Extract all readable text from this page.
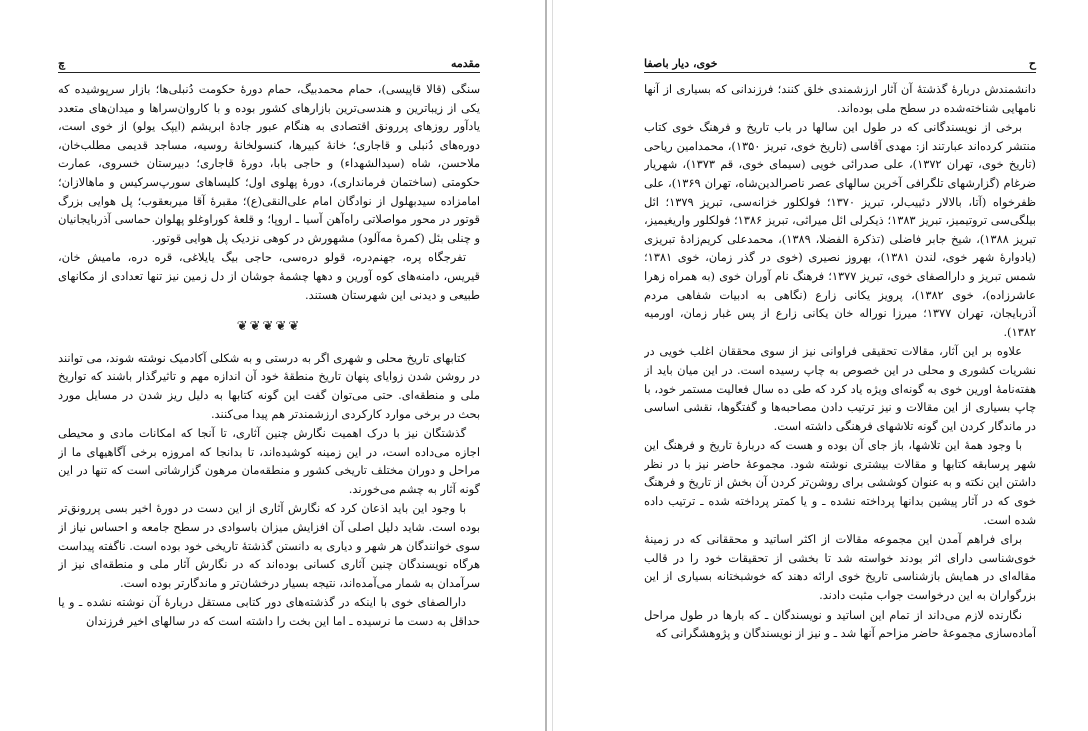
مقدمه
چ

سنگی (قالا قاپیسی)، حمام محمدبیگ، حمام دورهٔ حکومت دُنبلی‌ها؛ بازار سرپوشیده که یکی از زیباترین و هندسی‌ترین بازارهای کشور بوده و با کاروان‌سراها و میدان‌های متعدد یادآور روزهای پررونق اقتصادی به هنگام عبور جادهٔ ابریشم (ایپک یولو) از خوی است، دوره‌های دُنبلی و قاجاری؛ خانهٔ کبیرها، کنسولخانهٔ روسیه، مساجد قدیمی مطلب‌خان، ملاحسن، شاه (سیدالشهداء) و حاجی بابا، دورهٔ قاجاری؛ دبیرستان خسروی، عمارت حکومتی (ساختمان فرمانداری)، دورهٔ پهلوی اول؛ کلیساهای سورپ‌سرکیس و ماهالازان؛ امامزاده سیدبهلول از نوادگان امام علی‌النقی(ع)؛ مقبرهٔ آقا میربعقوب؛ پل هوایی بزرگ قوتور در محور مواصلاتی راه‌آهن آسیا ـ اروپا؛ و قلعهٔ کوراوغلو پهلوان حماسی آذربایجانیان و چنلی بئل (کمرهٔ مه‌آلود) مشهورش در کوهی نزدیک پل هوایی قوتور.

تفرجگاه پره، جهنم‌دره، قولو دره‌سی، حاجی بیگ یایلاغی، قره دره، مامیش خان، قیریس، دامنه‌های کوه آورین و دهها چشمهٔ جوشان از دل زمین نیز تنها تعدادی از مکانهای طبیعی و دیدنی این شهرستان هستند.

❦❦❦❦❦

کتابهای تاریخ محلی و شهری اگر به درستی و به شکلی آکادمیک نوشته شوند، می توانند در روشن شدن زوایای پنهان تاریخ منطقهٔ خود آن اندازه مهم و تاثیرگذار باشند که تواریخ ملی و منطقه‌ای. حتی می‌توان گفت این گونه کتابها به دلیل ریز شدن در مسایل مورد بحث در برخی موارد کارکردی ارزشمندتر هم پیدا می‌کنند.

گذشتگان نیز با درک اهمیت نگارش چنین آثاری، تا آنجا که امکانات مادی و محیطی اجازه می‌داده است، در این زمینه کوشیده‌اند، تا بدانجا که امروزه برخی آگاهیهای ما از مراحل و دوران مختلف تاریخی کشور و منطقه‌مان مرهون گزارشاتی است که تنها در این گونه آثار به چشم می‌خورند.

با وجود این باید اذعان کرد که نگارش آثاری از این دست در دورهٔ اخیر بسی پررونق‌تر بوده است. شاید دلیل اصلی آن افزایش میزان باسوادی در سطح جامعه و احساس نیاز از سوی خوانندگان هر شهر و دیاری به دانستن گذشتهٔ تاریخی خود بوده است. ناگفته پیداست هرگاه نویسندگان چنین آثاری کسانی بوده‌اند که در نگارش آثار ملی و منطقه‌ای نیز از سرآمدان به شمار می‌آمده‌اند، نتیجه بسیار درخشان‌تر و ماندگارتر بوده است.

دارالصفای خوی با اینکه در گذشته‌های دور کتابی مستقل دربارهٔ آن نوشته نشده ـ و یا حداقل به دست ما نرسیده ـ اما این بخت را داشته است که در سالهای اخیر فرزندان

ح
خوی، دیار باصفا

دانشمندش دربارهٔ گذشتهٔ آن آثار ارزشمندی خلق کنند؛ فرزندانی که بسیاری از آنها نامهایی شناخته‌شده در سطح ملی بوده‌اند.

برخی از نویسندگانی که در طول این سالها در باب تاریخ و فرهنگ خوی کتاب منتشر کرده‌اند عبارتند از: مهدی آقاسی (تاریخ خوی، تبریز ۱۳۵۰)، محمدامین ریاحی (تاریخ خوی، تهران ۱۳۷۲)، علی صدرائی خویی (سیمای خوی، قم ۱۳۷۳)، شهریار ضرغام (گزارشهای تلگرافی آخرین سالهای عصر ناصرالدین‌شاه، تهران ۱۳۶۹)، علی ظفرخواه (آتا، بالالار دئییب‌لر، تبریز ۱۳۷۰؛ فولکلور خزانه‌سی، تبریز ۱۳۷۹؛ ائل بیلگی‌سی تروتیمیز، تبریز ۱۳۸۳؛ ذیکرلی ائل میراثی، تبریز ۱۳۸۶؛ فولکلور واریغیمیز، تبریز ۱۳۸۸)، شیخ جابر فاضلی (تذکرة الفضلا، ۱۳۸۹)، محمدعلی کریم‌زادهٔ تبریزی (یادوارهٔ شهر خوی، لندن ۱۳۸۱)، بهروز نصیری (خوی در گذر زمان، خوی ۱۳۸۱؛ شمس تبریز و دارالصفای خوی، تبریز ۱۳۷۷؛ فرهنگ نام آوران خوی (به همراه زهرا عاشرزاده)، خوی ۱۳۸۲)، پرویز یکانی زارع (نگاهی به ادبیات شفاهی مردم آذربایجان، تهران ۱۳۷۷؛ میرزا نوراله خان یکانی زارع از پس غبار زمان، اورمیه ۱۳۸۲).

علاوه بر این آثار، مقالات تحقیقی فراوانی نیز از سوی محققان اغلب خویی در نشریات کشوری و محلی در این خصوص به چاپ رسیده است. در این میان باید از هفته‌نامهٔ اورین خوی به گونه‌ای ویژه یاد کرد که طی ده سال فعالیت مستمر خود، با چاپ بسیاری از این مقالات و نیز ترتیب دادن مصاحبه‌ها و گفتگوها، نقشی اساسی در ماندگار کردن این گونه تلاشهای فرهنگی داشته است.

با وجود همهٔ این تلاشها، باز جای آن بوده و هست که دربارهٔ تاریخ و فرهنگ این شهر پرسابقه کتابها و مقالات بیشتری نوشته شود. مجموعهٔ حاضر نیز با در نظر داشتن این نکته و به عنوان کوششی برای روشن‌تر کردن آن بخش از تاریخ و فرهنگ خوی که در آثار پیشین بدانها پرداخته نشده ـ و یا کمتر پرداخته شده ـ ترتیب داده شده است.

برای فراهم آمدن این مجموعه مقالات از اکثر اساتید و محققانی که در زمینهٔ خوی‌شناسی دارای اثر بودند خواسته شد تا بخشی از تحقیقات خود را در قالب مقاله‌ای در همایش بازشناسی تاریخ خوی ارائه دهند که خوشبختانه بسیاری از این بزرگواران به این درخواست جواب مثبت دادند.

نگارنده لازم می‌داند از تمام این اساتید و نویسندگان ـ که بارها در طول مراحل آماده‌سازی مجموعهٔ حاضر مزاحم آنها شد ـ و نیز از نویسندگان و پژوهشگرانی که
